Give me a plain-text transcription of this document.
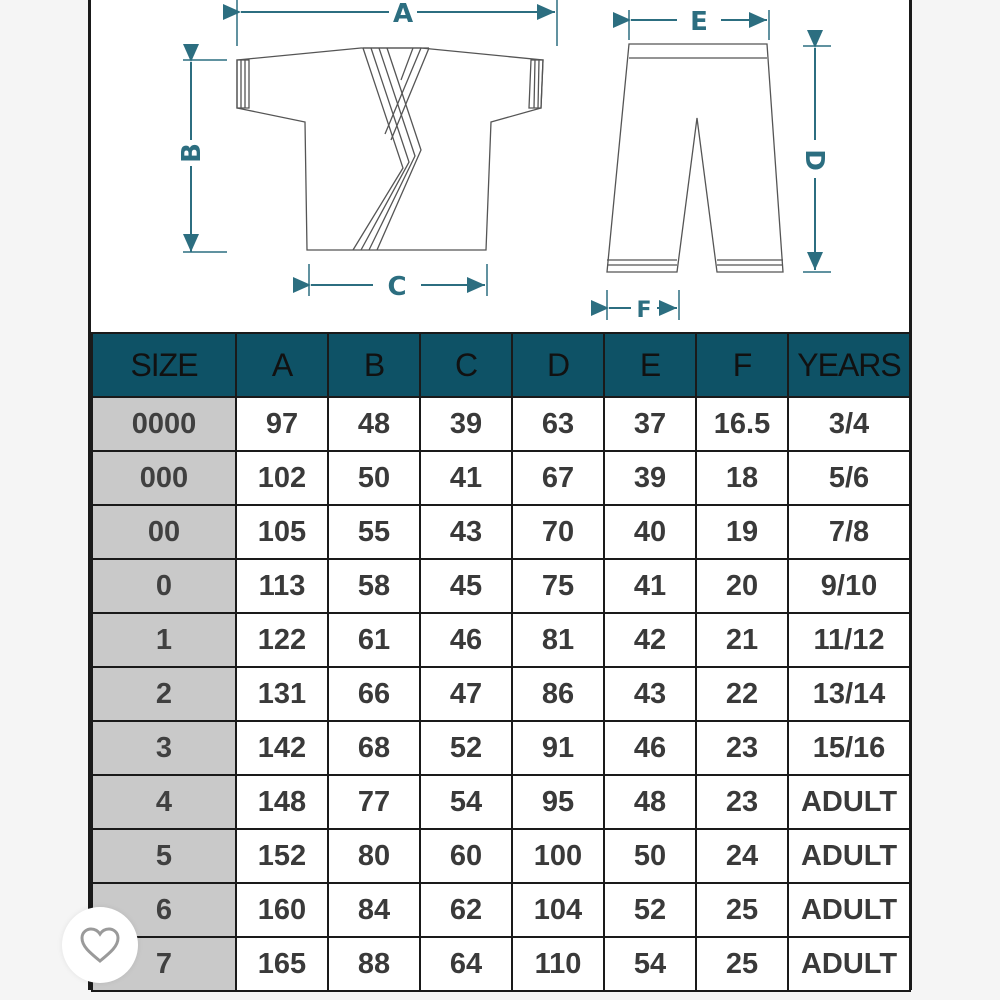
A
B
C
E
D
F
SIZE	A	B	C	D	E	F	YEARS
0000	97	48	39	63	37	16.5	3/4
000	102	50	41	67	39	18	5/6
00	105	55	43	70	40	19	7/8
0	113	58	45	75	41	20	9/10
1	122	61	46	81	42	21	11/12
2	131	66	47	86	43	22	13/14
3	142	68	52	91	46	23	15/16
4	148	77	54	95	48	23	ADULT
5	152	80	60	100	50	24	ADULT
6	160	84	62	104	52	25	ADULT
7	165	88	64	110	54	25	ADULT
